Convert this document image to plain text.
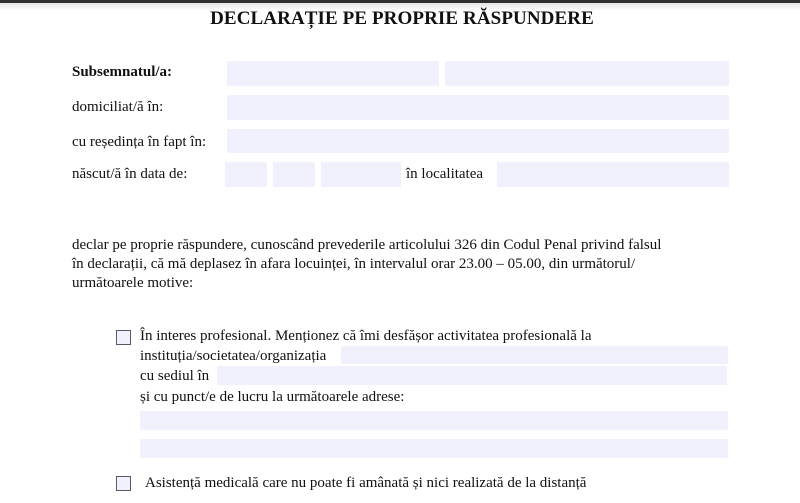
DECLARAȚIE PE PROPRIE RĂSPUNDERE
Subsemnatul/a:
domiciliat/ă în:
cu reședința în fapt în:
născut/ă în data de:	în localitatea
declar pe proprie răspundere, cunoscând prevederile articolului 326 din Codul Penal privind falsul
în declarații, că mă deplasez în afara locuinței, în intervalul orar 23.00 – 05.00, din următorul/
următoarele motive:
În interes profesional. Menționez că îmi desfășor activitatea profesională la
instituția/societatea/organizația
cu sediul în
și cu punct/e de lucru la următoarele adrese:
Asistență medicală care nu poate fi amânată și nici realizată de la distanță
